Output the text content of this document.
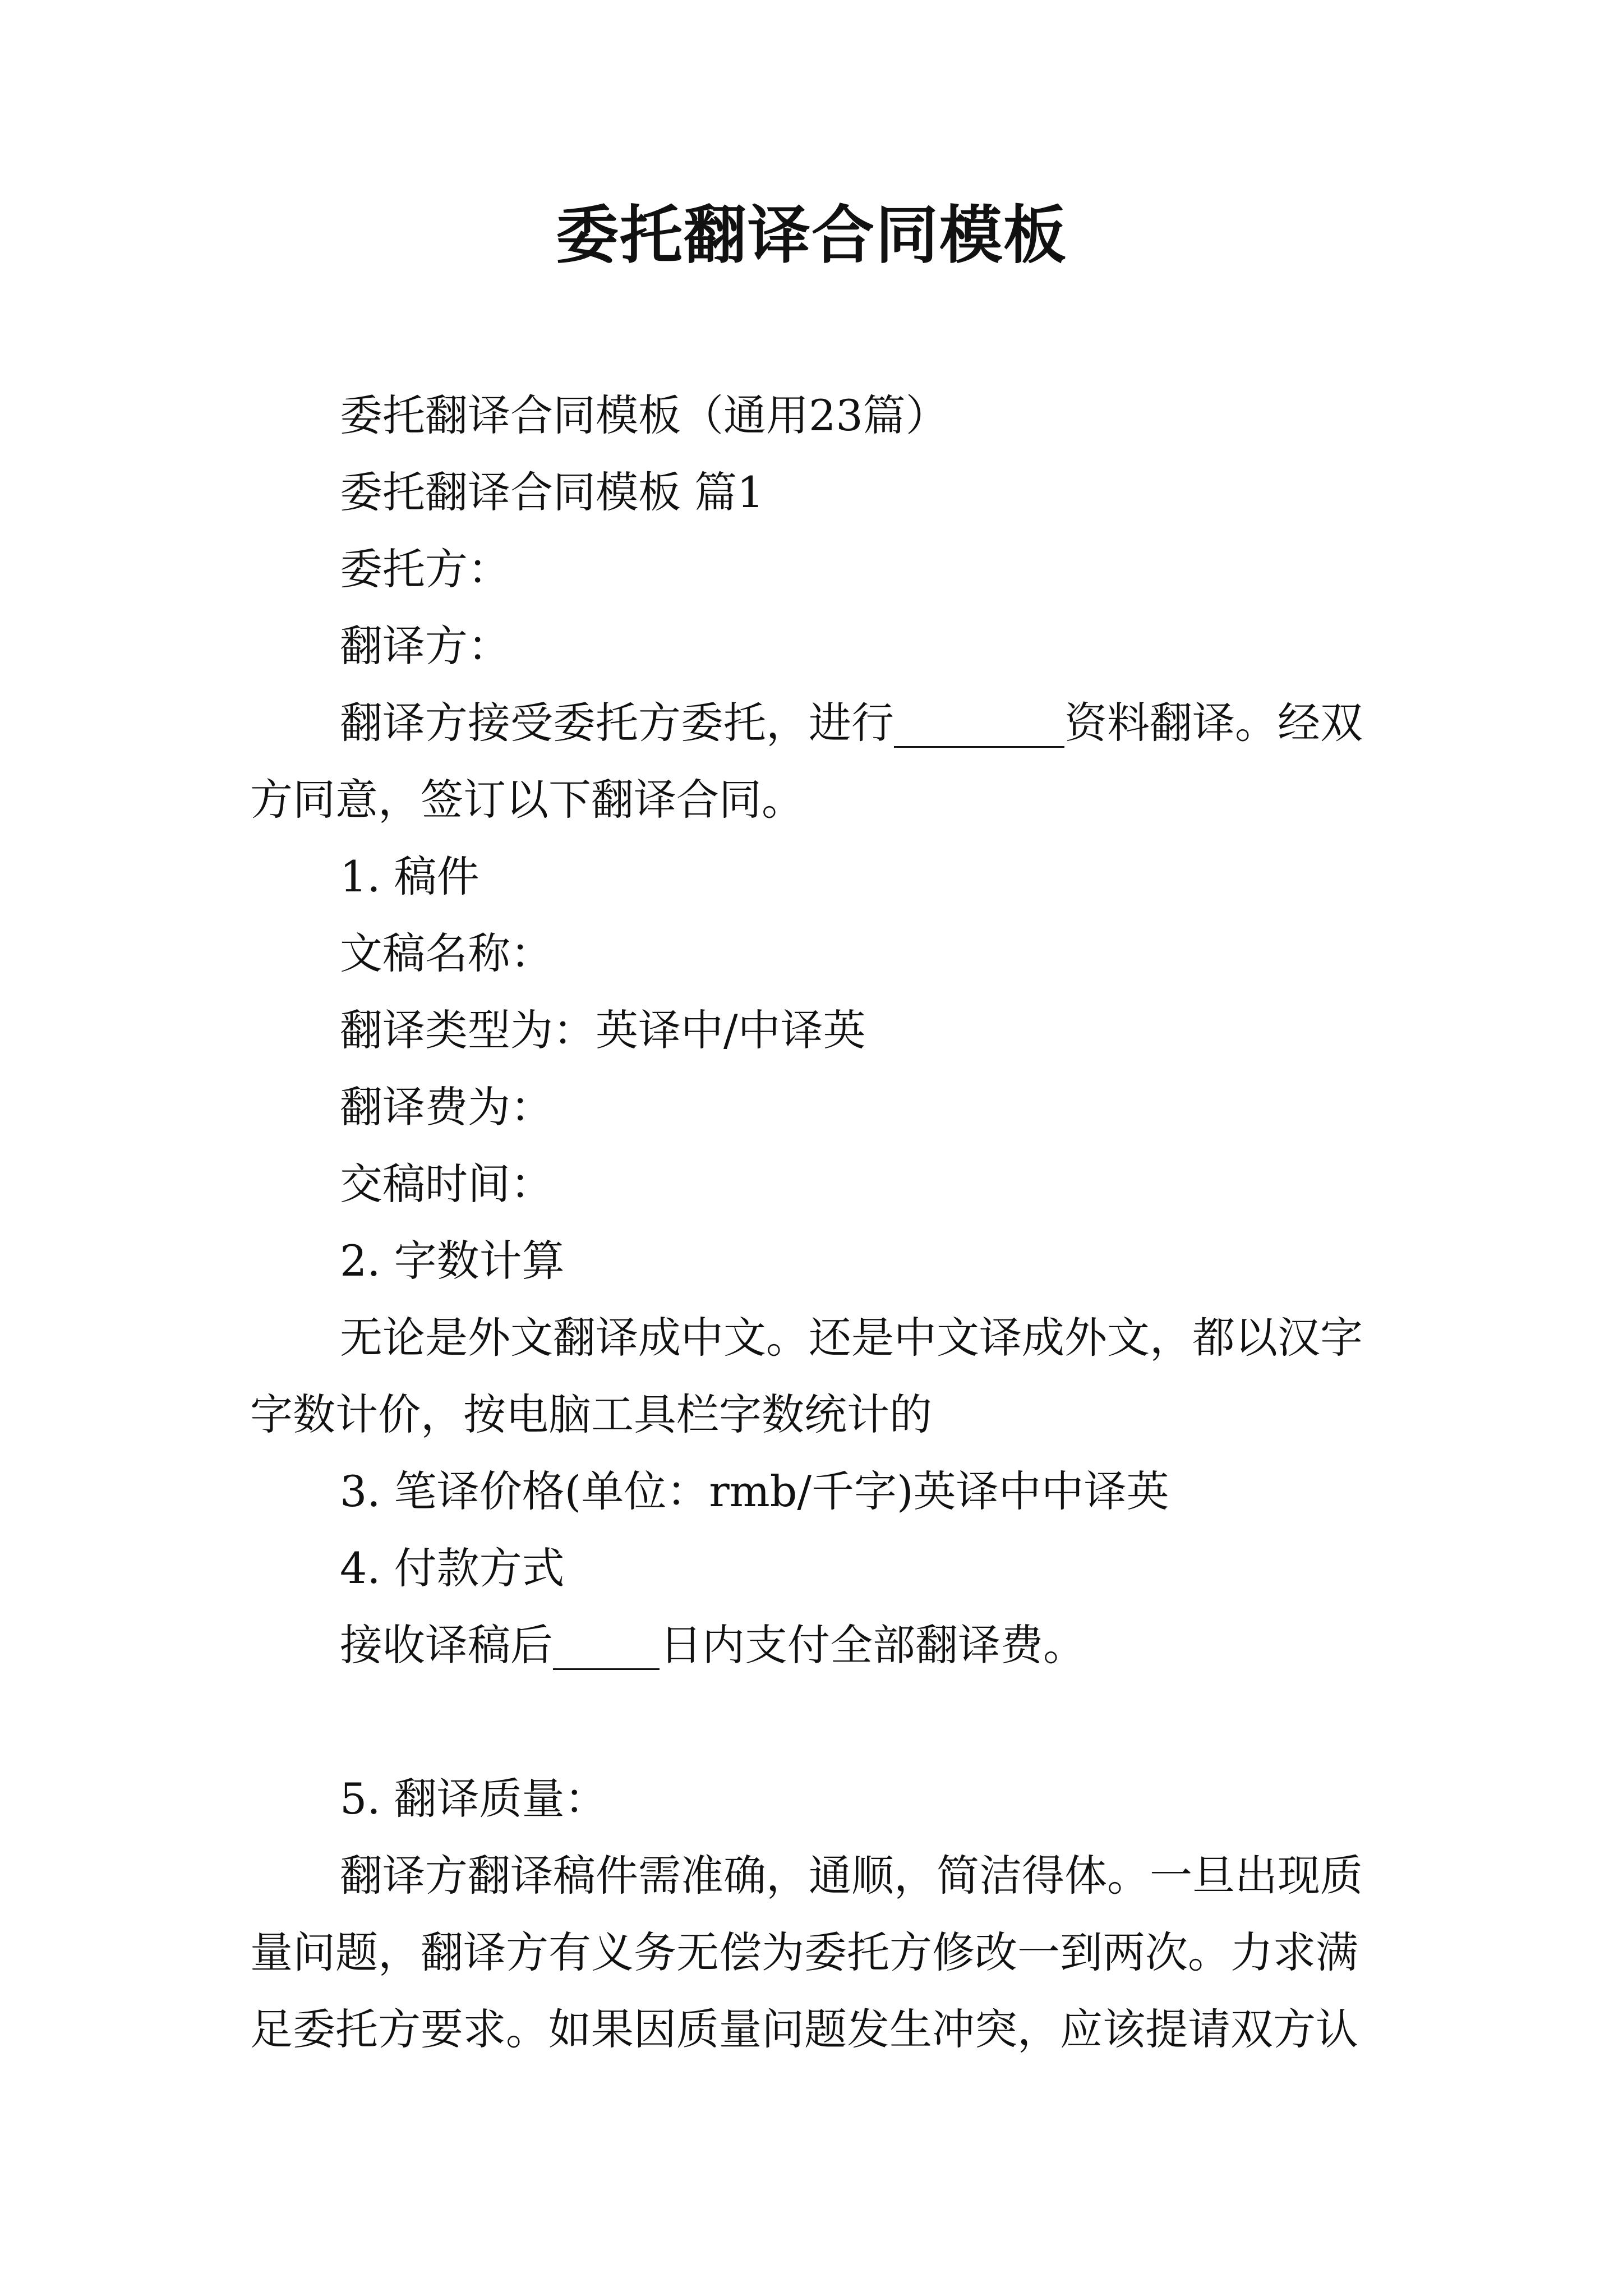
委托翻译合同模板

委托翻译合同模板（通用23篇）

委托翻译合同模板 篇1

委托方：

翻译方：

翻译方接受委托方委托，进行________资料翻译。经双方同意，签订以下翻译合同。

1. 稿件

文稿名称：

翻译类型为：英译中/中译英

翻译费为：

交稿时间：

2. 字数计算

无论是外文翻译成中文。还是中文译成外文，都以汉字字数计价，按电脑工具栏字数统计的

3. 笔译价格(单位：rmb/千字)英译中中译英

4. 付款方式

接收译稿后_____日内支付全部翻译费。

5. 翻译质量：

翻译方翻译稿件需准确，通顺，简洁得体。一旦出现质量问题，翻译方有义务无偿为委托方修改一到两次。力求满足委托方要求。如果因质量问题发生冲突，应该提请双方认
